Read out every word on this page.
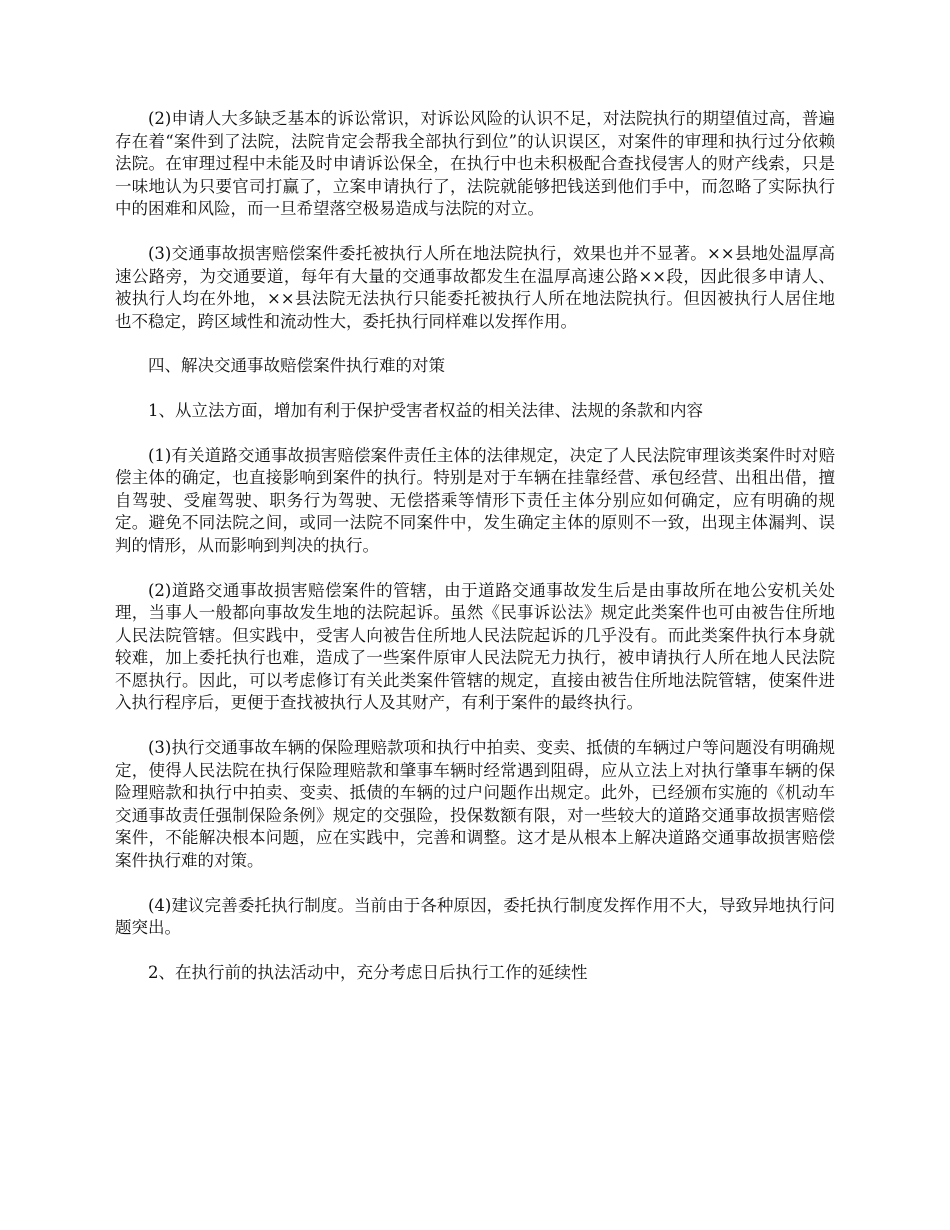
(2)申请人大多缺乏基本的诉讼常识，对诉讼风险的认识不足，对法院执行的期望值过高，普遍存在着“案件到了法院，法院肯定会帮我全部执行到位”的认识误区，对案件的审理和执行过分依赖法院。在审理过程中未能及时申请诉讼保全，在执行中也未积极配合查找侵害人的财产线索，只是一味地认为只要官司打赢了，立案申请执行了，法院就能够把钱送到他们手中，而忽略了实际执行中的困难和风险，而一旦希望落空极易造成与法院的对立。

(3)交通事故损害赔偿案件委托被执行人所在地法院执行，效果也并不显著。××县地处温厚高速公路旁，为交通要道，每年有大量的交通事故都发生在温厚高速公路××段，因此很多申请人、被执行人均在外地，××县法院无法执行只能委托被执行人所在地法院执行。但因被执行人居住地也不稳定，跨区域性和流动性大，委托执行同样难以发挥作用。

四、解决交通事故赔偿案件执行难的对策

1、从立法方面，增加有利于保护受害者权益的相关法律、法规的条款和内容

(1)有关道路交通事故损害赔偿案件责任主体的法律规定，决定了人民法院审理该类案件时对赔偿主体的确定，也直接影响到案件的执行。特别是对于车辆在挂靠经营、承包经营、出租出借，擅自驾驶、受雇驾驶、职务行为驾驶、无偿搭乘等情形下责任主体分别应如何确定，应有明确的规定。避免不同法院之间，或同一法院不同案件中，发生确定主体的原则不一致，出现主体漏判、误判的情形，从而影响到判决的执行。

(2)道路交通事故损害赔偿案件的管辖，由于道路交通事故发生后是由事故所在地公安机关处理，当事人一般都向事故发生地的法院起诉。虽然《民事诉讼法》规定此类案件也可由被告住所地人民法院管辖。但实践中，受害人向被告住所地人民法院起诉的几乎没有。而此类案件执行本身就较难，加上委托执行也难，造成了一些案件原审人民法院无力执行，被申请执行人所在地人民法院不愿执行。因此，可以考虑修订有关此类案件管辖的规定，直接由被告住所地法院管辖，使案件进入执行程序后，更便于查找被执行人及其财产，有利于案件的最终执行。

(3)执行交通事故车辆的保险理赔款项和执行中拍卖、变卖、抵债的车辆过户等问题没有明确规定，使得人民法院在执行保险理赔款和肇事车辆时经常遇到阻碍，应从立法上对执行肇事车辆的保险理赔款和执行中拍卖、变卖、抵债的车辆的过户问题作出规定。此外，已经颁布实施的《机动车交通事故责任强制保险条例》规定的交强险，投保数额有限，对一些较大的道路交通事故损害赔偿案件，不能解决根本问题，应在实践中，完善和调整。这才是从根本上解决道路交通事故损害赔偿案件执行难的对策。

(4)建议完善委托执行制度。当前由于各种原因，委托执行制度发挥作用不大，导致异地执行问题突出。

2、在执行前的执法活动中，充分考虑日后执行工作的延续性
